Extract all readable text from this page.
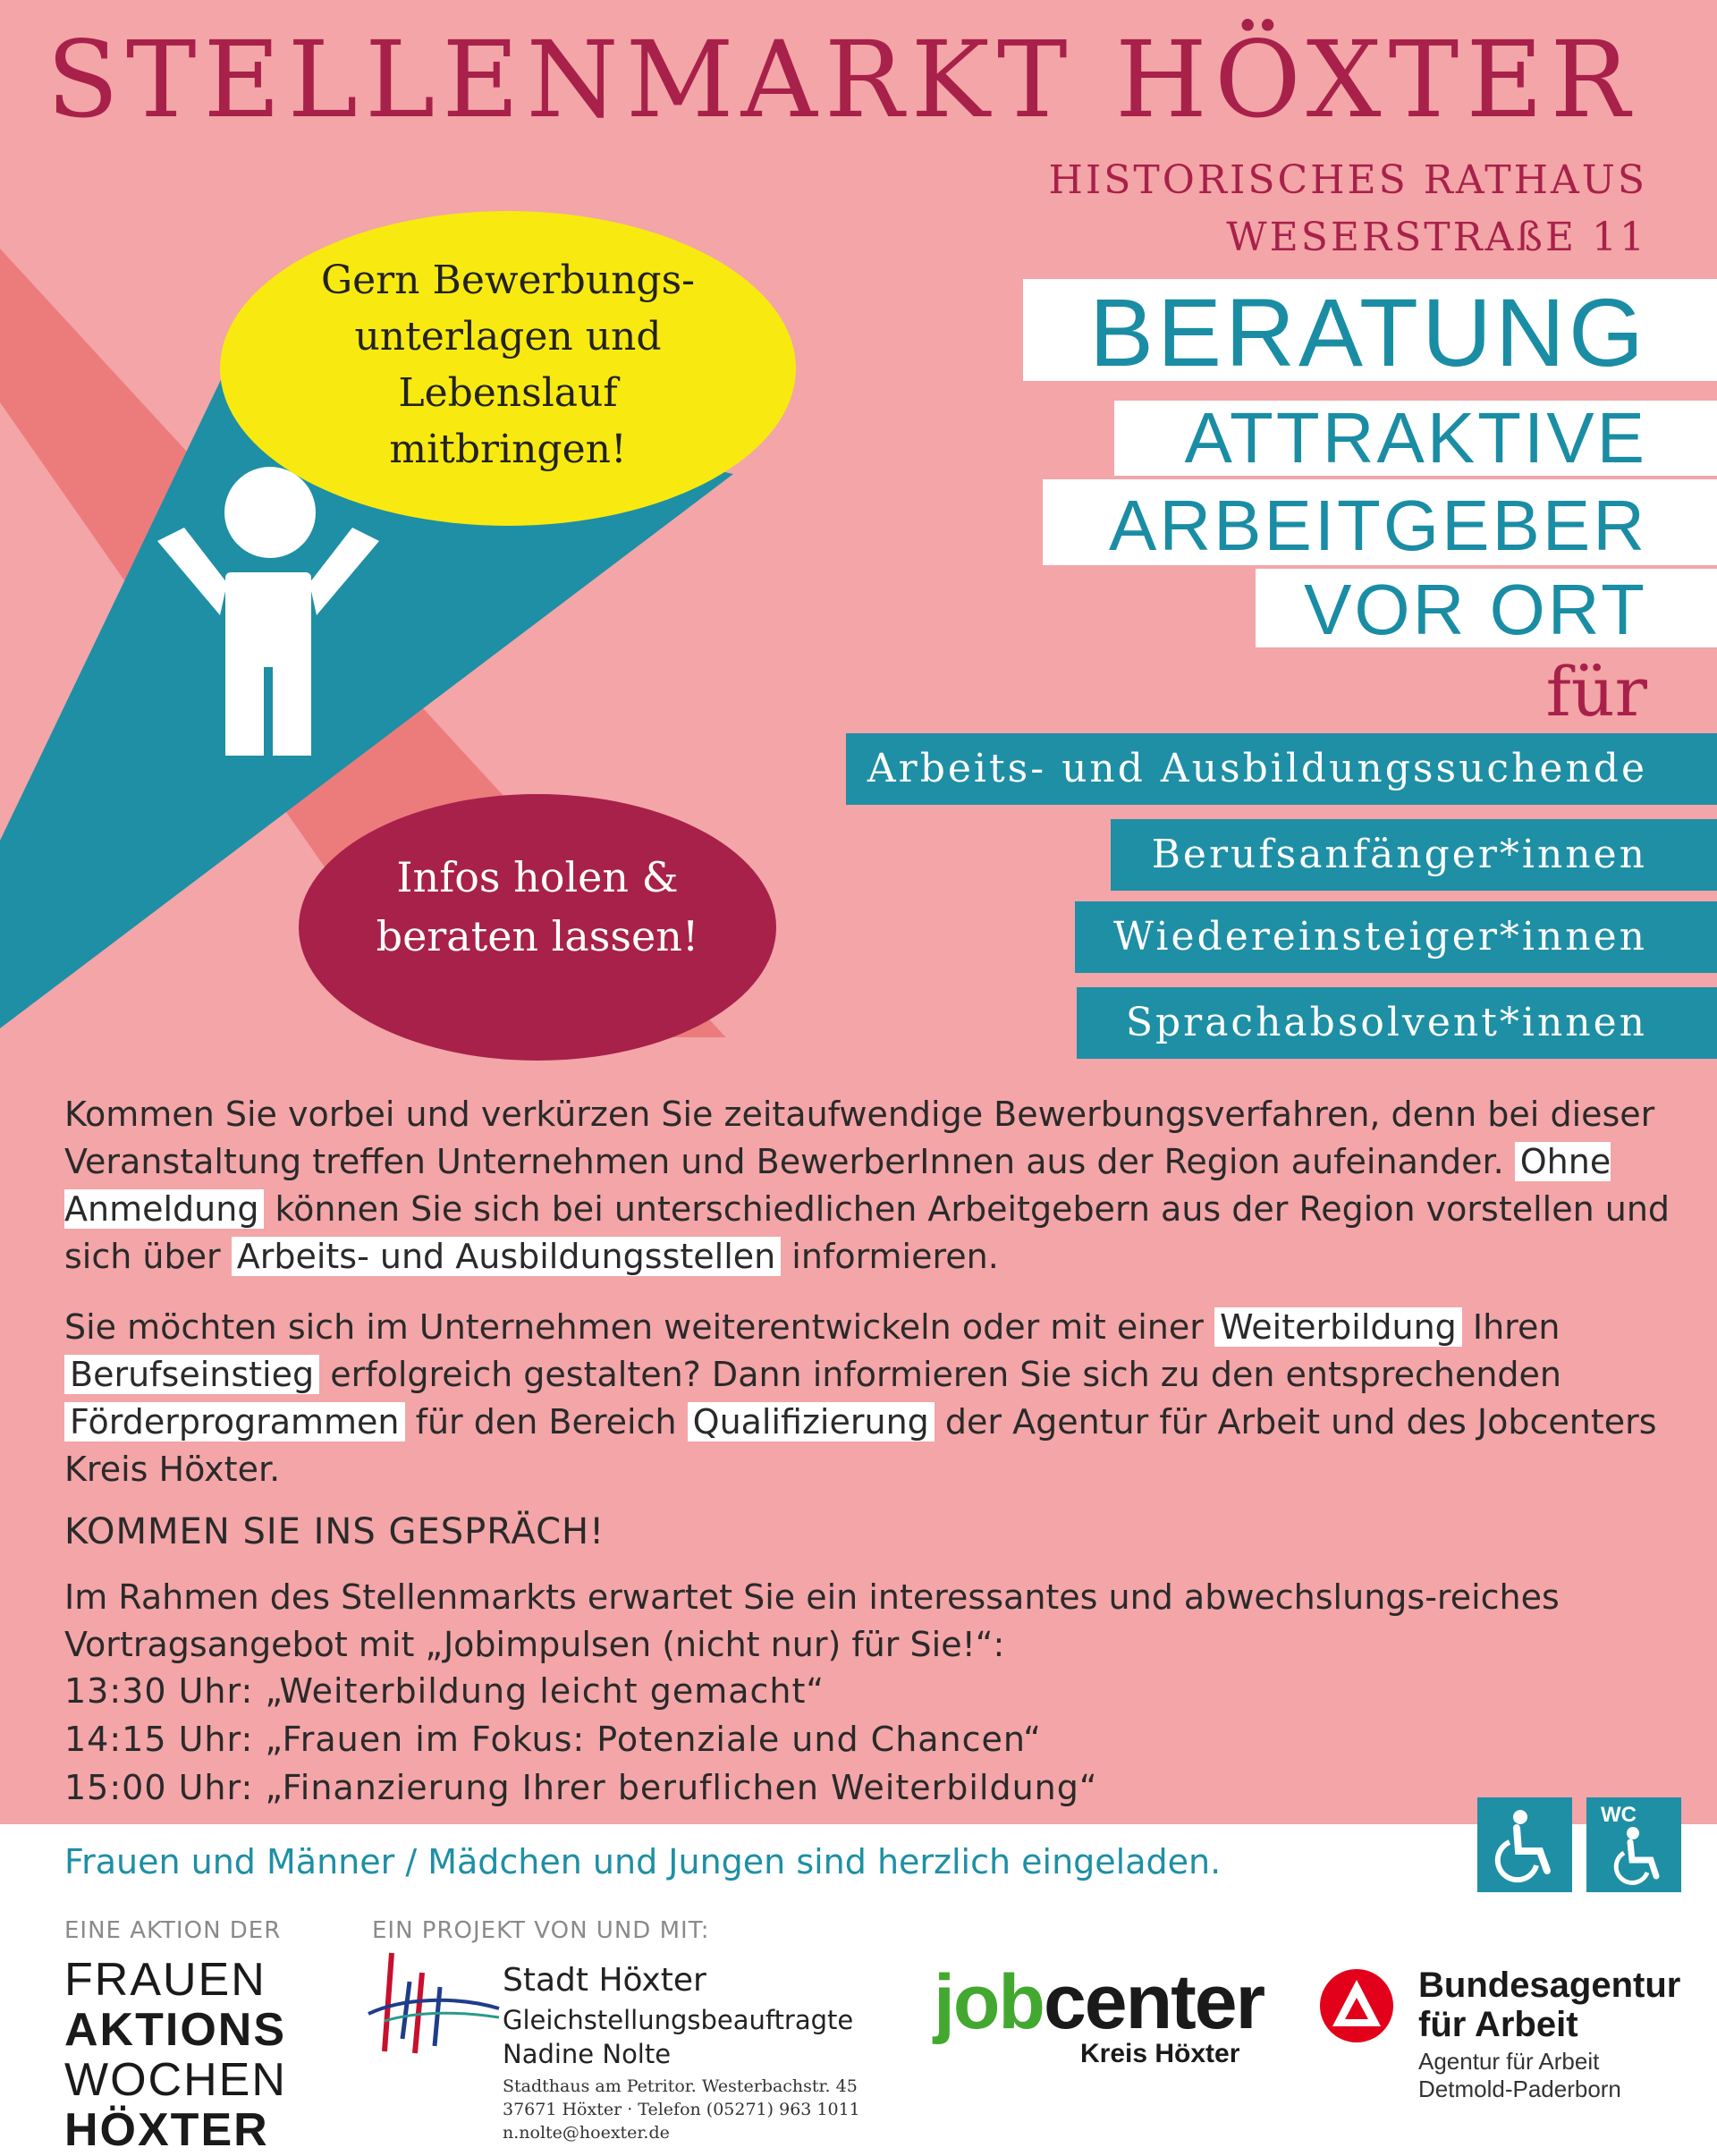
STELLENMARKT HÖXTER
HISTORISCHES RATHAUS
WESERSTRAßE 11
BERATUNG
ATTRAKTIVE
ARBEITGEBER
VOR ORT
für
Arbeits- und Ausbildungssuchende
Berufsanfänger*innen
Wiedereinsteiger*innen
Sprachabsolvent*innen
Gern Bewerbungs-
unterlagen und
Lebenslauf
mitbringen!
Infos holen &
beraten lassen!
Kommen Sie vorbei und verkürzen Sie zeitaufwendige Bewerbungsverfahren, denn bei dieser Veranstaltung treffen Unternehmen und BewerberInnen aus der Region aufeinander. Ohne Anmeldung können Sie sich bei unterschiedlichen Arbeitgebern aus der Region vorstellen und sich über Arbeits- und Ausbildungsstellen informieren.
Sie möchten sich im Unternehmen weiterentwickeln oder mit einer Weiterbildung Ihren Berufseinstieg erfolgreich gestalten? Dann informieren Sie sich zu den entsprechenden Förderprogrammen für den Bereich Qualifizierung der Agentur für Arbeit und des Jobcenters Kreis Höxter.
KOMMEN SIE INS GESPRÄCH!
Im Rahmen des Stellenmarkts erwartet Sie ein interessantes und abwechslungs-reiches Vortragsangebot mit „Jobimpulsen (nicht nur) für Sie!“:
13:30 Uhr: „Weiterbildung leicht gemacht“
14:15 Uhr: „Frauen im Fokus: Potenziale und Chancen“
15:00 Uhr: „Finanzierung Ihrer beruflichen Weiterbildung“
Frauen und Männer / Mädchen und Jungen sind herzlich eingeladen.
WC
EINE AKTION DER	EIN PROJEKT VON UND MIT:
FRAUEN
AKTIONS
WOCHEN
HÖXTER
Stadt Höxter
Gleichstellungsbeauftragte
Nadine Nolte
Stadthaus am Petritor. Westerbachstr. 45
37671 Höxter · Telefon (05271) 963 1011
n.nolte@hoexter.de
jobcenter
Kreis Höxter
Bundesagentur
für Arbeit
Agentur für Arbeit
Detmold-Paderborn
